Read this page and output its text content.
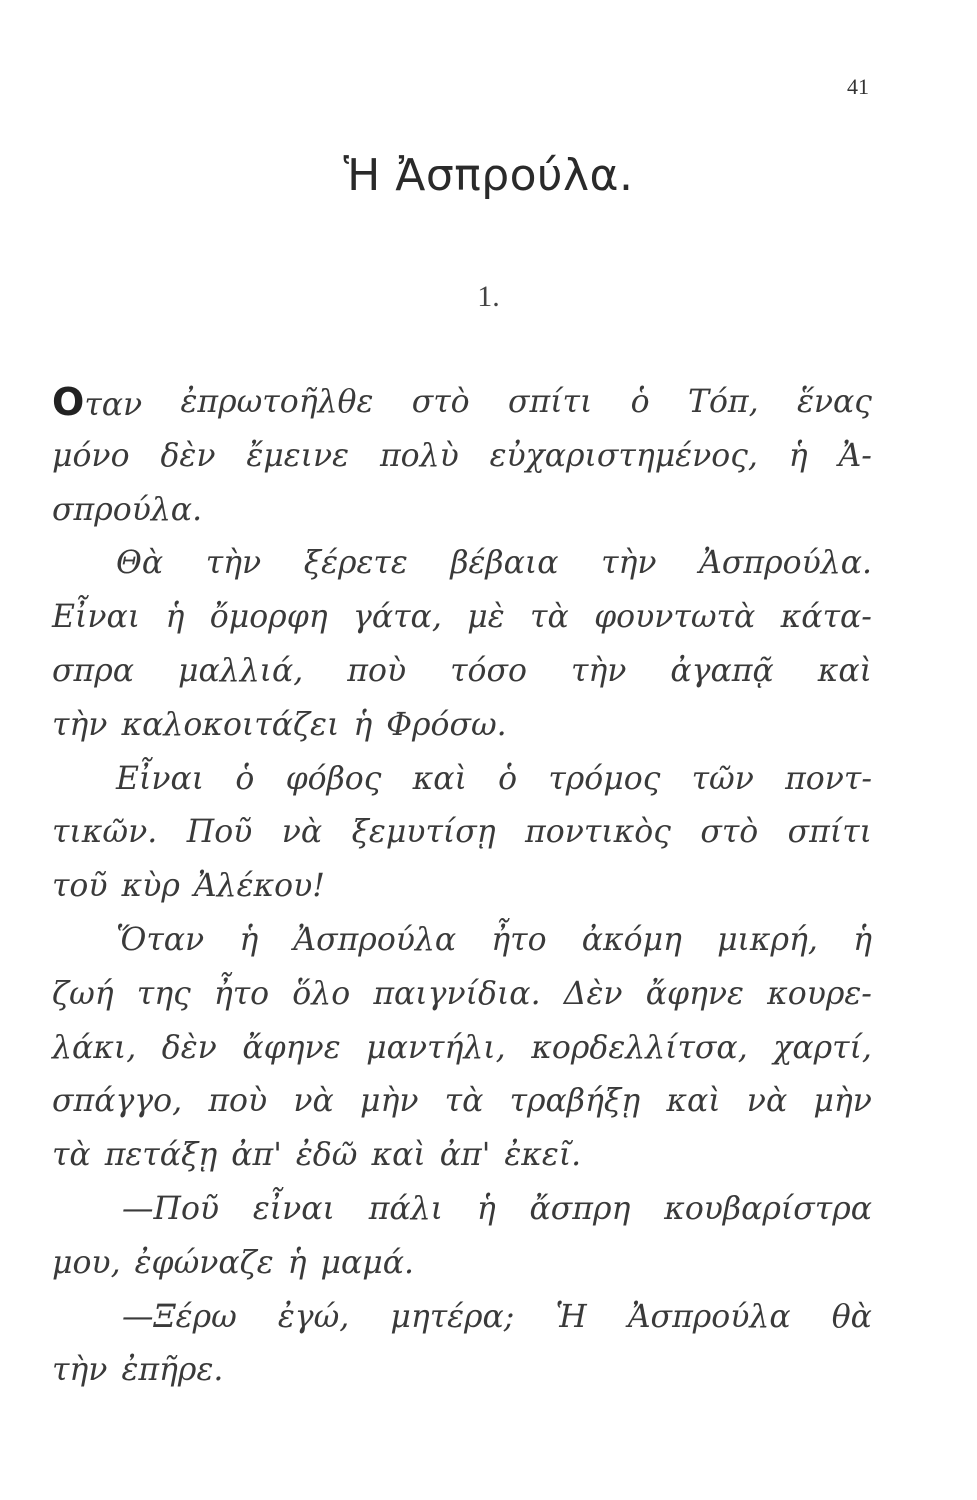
41
Ἡ Ἀσπρούλα.
1.
Οταν ἐπρωτοῆλθε στὸ σπίτι ὁ Τόπ, ἕνας
μόνο δὲν ἔμεινε πολὺ εὐχαριστημένος, ἡ Ἀ-
σπρούλα.
Θὰ τὴν ξέρετε βέβαια τὴν Ἀσπρούλα.
Εἶναι ἡ ὄμορφη γάτα, μὲ τὰ φουντωτὰ κάτα-
σπρα μαλλιά, ποὺ τόσο τὴν ἀγαπᾷ καὶ
τὴν καλοκοιτάζει ἡ Φρόσω.
Εἶναι ὁ φόβος καὶ ὁ τρόμος τῶν ποντ-
τικῶν. Ποῦ νὰ ξεμυτίσῃ ποντικὸς στὸ σπίτι
τοῦ κὺρ Ἀλέκου!
Ὅταν ἡ Ἀσπρούλα ἦτο ἀκόμη μικρή, ἡ
ζωή της ἦτο ὅλο παιγνίδια. Δὲν ἄφηνε κουρε-
λάκι, δὲν ἄφηνε μαντήλι, κορδελλίτσα, χαρτί,
σπάγγο, ποὺ νὰ μὴν τὰ τραβήξῃ καὶ νὰ μὴν
τὰ πετάξῃ ἀπ' ἐδῶ καὶ ἀπ' ἐκεῖ.
—Ποῦ εἶναι πάλι ἡ ἄσπρη κουβαρίστρα
μου, ἐφώναζε ἡ μαμά.
—Ξέρω ἐγώ, μητέρα; Ἡ Ἀσπρούλα θὰ
τὴν ἐπῆρε.
